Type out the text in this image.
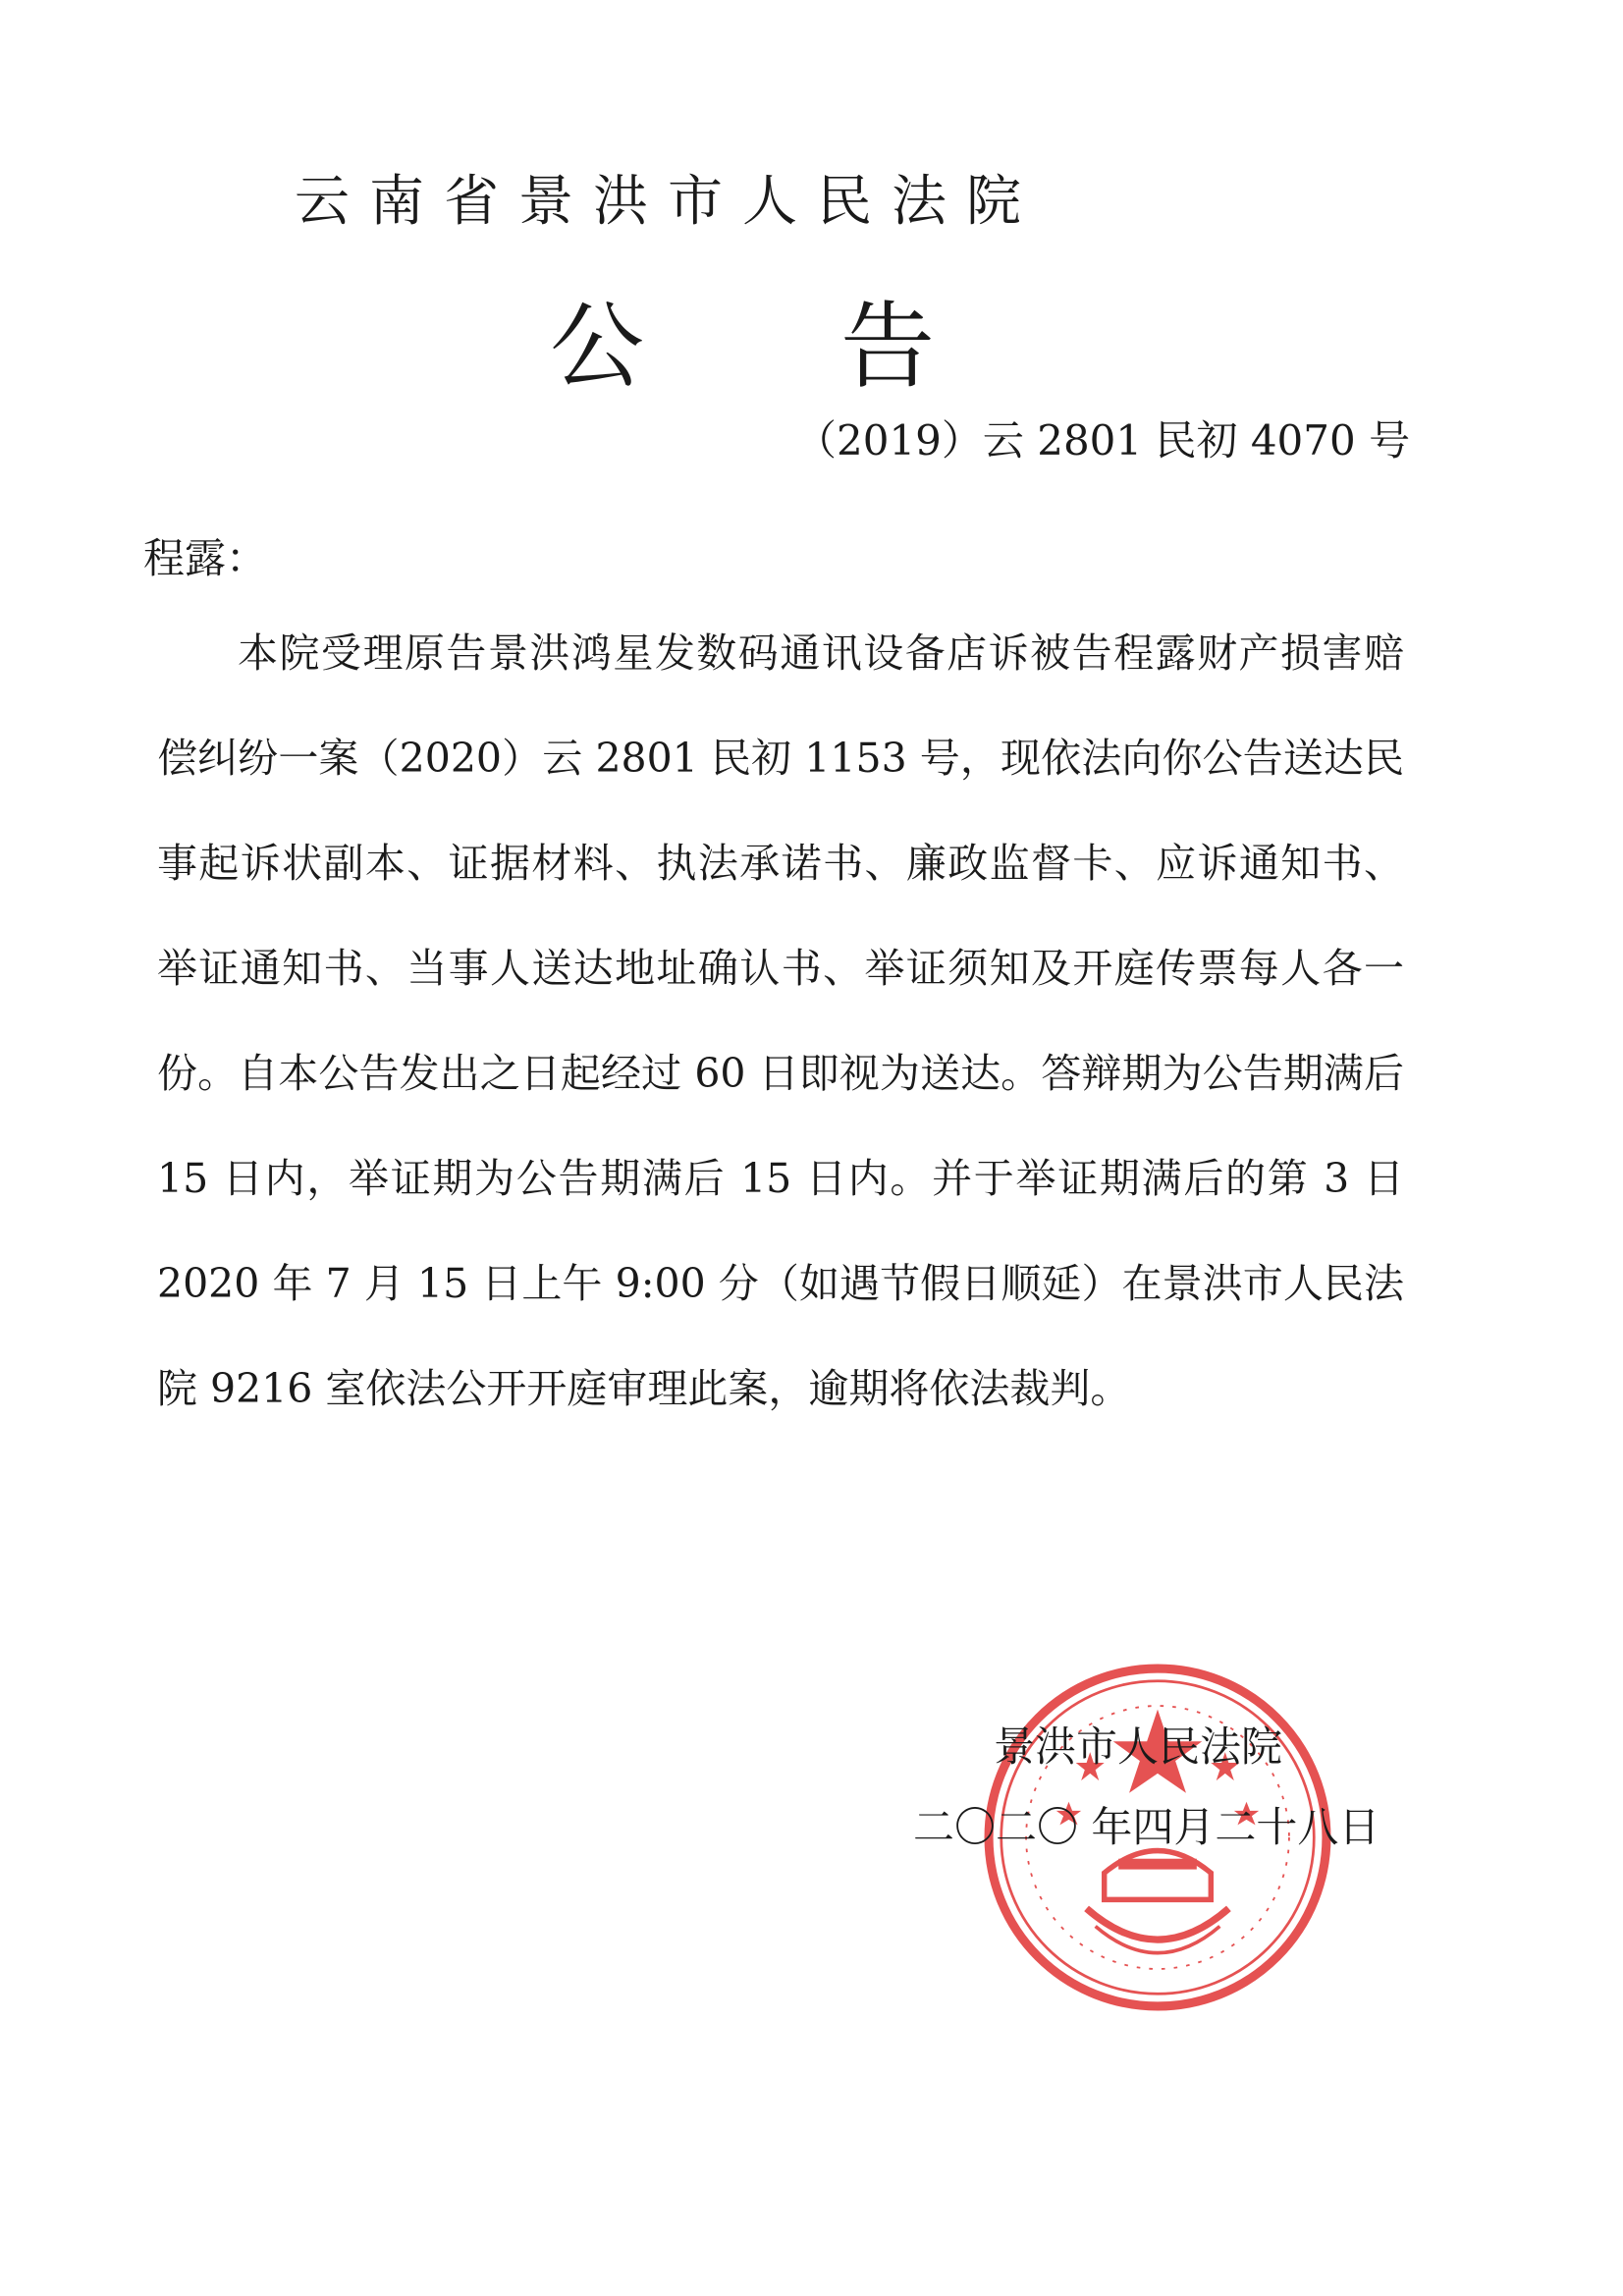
云南省景洪市人民法院
公 告
（2019）云 2801 民初 4070 号
程露：
本院受理原告景洪鸿星发数码通讯设备店诉被告程露财产损害赔偿纠纷一案（2020）云 2801 民初 1153 号，现依法向你公告送达民事起诉状副本、证据材料、执法承诺书、廉政监督卡、应诉通知书、举证通知书、当事人送达地址确认书、举证须知及开庭传票每人各一份。自本公告发出之日起经过 60 日即视为送达。答辩期为公告期满后 15 日内，举证期为公告期满后 15 日内。并于举证期满后的第 3 日 2020 年 7 月 15 日上午 9:00 分（如遇节假日顺延）在景洪市人民法院 9216 室依法公开开庭审理此案，逾期将依法裁判。
景洪市人民法院
二〇二〇 年四月二十八日
